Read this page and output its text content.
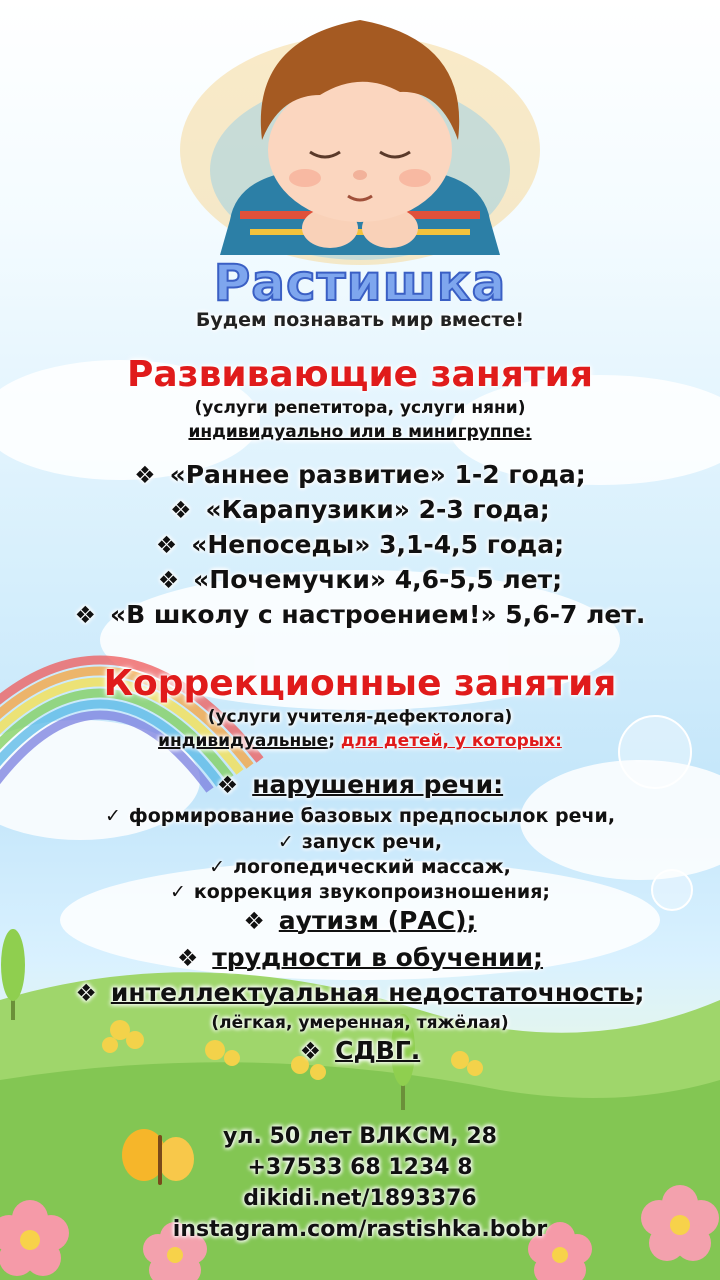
Растишка
Будем познавать мир вместе!
Развивающие занятия
(услуги репетитора, услуги няни)
индивидуально или в минигруппе:
❖ «Раннее развитие» 1-2 года;
❖ «Карапузики» 2-3 года;
❖ «Непоседы» 3,1-4,5 года;
❖ «Почемучки» 4,6-5,5 лет;
❖ «В школу с настроением!» 5,6-7 лет.
Коррекционные занятия
(услуги учителя-дефектолога)
индивидуальные; для детей, у которых:
❖ нарушения речи:
✓ формирование базовых предпосылок речи,
✓ запуск речи,
✓ логопедический массаж,
✓ коррекция звукопроизношения;
❖ аутизм (РАС);
❖ трудности в обучении;
❖ интеллектуальная недостаточность;
(лёгкая, умеренная, тяжёлая)
❖ СДВГ.
ул. 50 лет ВЛКСМ, 28
+37533 68 1234 8
dikidi.net/1893376
instagram.com/rastishka.bobr
